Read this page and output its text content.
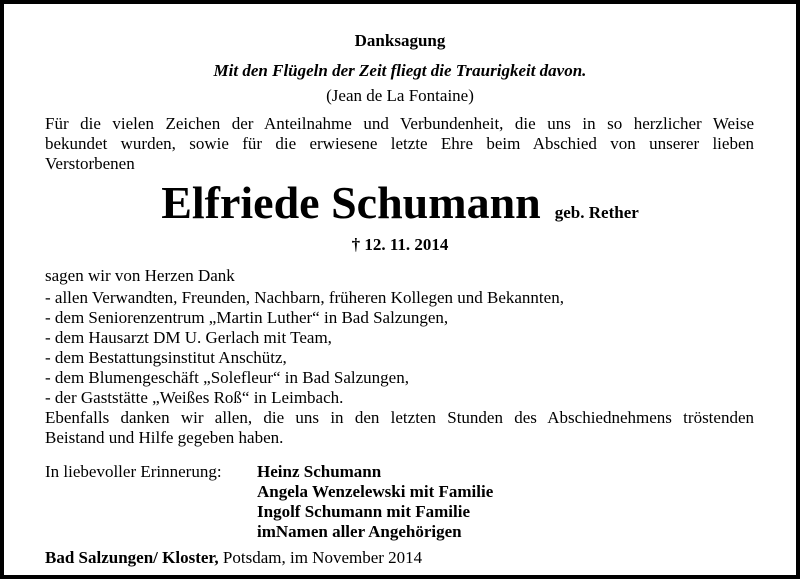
Danksagung
Mit den Flügeln der Zeit fliegt die Traurigkeit davon.
(Jean de La Fontaine)
Für die vielen Zeichen der Anteilnahme und Verbundenheit, die uns in so herzlicher Weise
bekundet wurden, sowie für die erwiesene letzte Ehre beim Abschied von unserer lieben
Verstorbenen
Elfriede Schumann geb. Rether
† 12. 11. 2014
sagen wir von Herzen Dank
- allen Verwandten, Freunden, Nachbarn, früheren Kollegen und Bekannten,
- dem Seniorenzentrum „Martin Luther“ in Bad Salzungen,
- dem Hausarzt DM U. Gerlach mit Team,
- dem Bestattungsinstitut Anschütz,
- dem Blumengeschäft „Solefleur“ in Bad Salzungen,
- der Gaststätte „Weißes Roß“ in Leimbach.
Ebenfalls danken wir allen, die uns in den letzten Stunden des Abschiednehmens tröstenden
Beistand und Hilfe gegeben haben.
In liebevoller Erinnerung: Heinz Schumann
Angela Wenzelewski mit Familie
Ingolf Schumann mit Familie
imNamen aller Angehörigen
Bad Salzungen/ Kloster, Potsdam, im November 2014
